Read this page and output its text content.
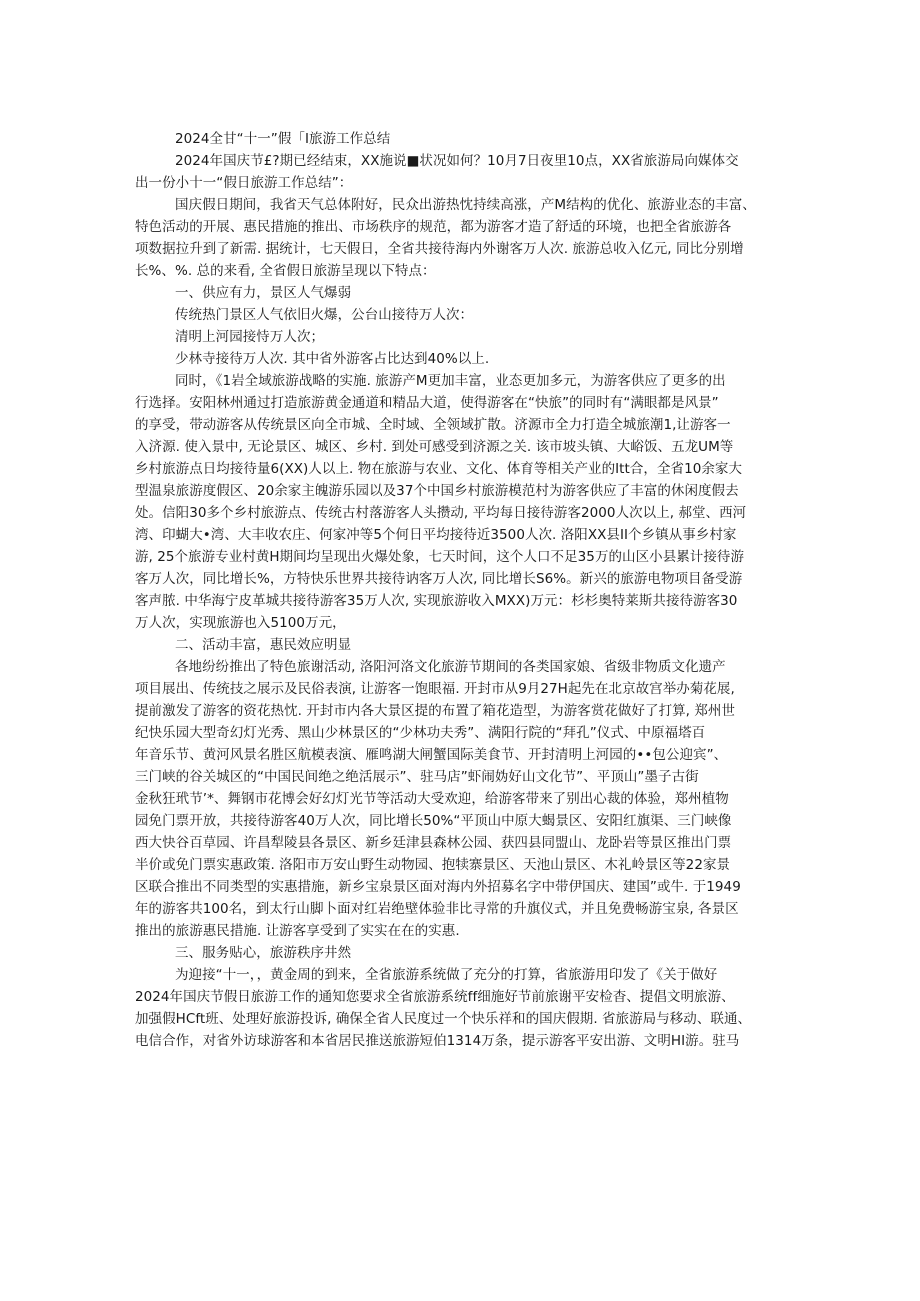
2024全甘“十一”假「I旅游工作总结
2024年国庆节£?期已经结束，XX施说■状况如何？10月7日夜里10点，XX省旅游局向媒体交
出一份小十一“假日旅游工作总结”：
国庆假日期间，我省天气总体附好，民众出游热忱持续高涨，产M结构的优化、旅游业态的丰富、
特色活动的开展、惠民措施的推出、市场秩序的规范，都为游客才造了舒适的环境，也把全省旅游各
项数据拉升到了新需. 据统计，七天假日，全省共接待海内外谢客万人次. 旅游总收入亿元, 同比分别增
长%、%. 总的来看, 全省假日旅游呈现以下特点：
一、供应有力，景区人气爆弱
传统热门景区人气依旧火爆，公台山接待万人次：
清明上河园接恃万人次；
少林寺接待万人次. 其中省外游客占比达到40%以上.
同时，《1岩全域旅游战略的实施. 旅游产M更加丰富，业态更加多元，为游客供应了更多的出
行选择。安阳林州通过打造旅游黄金通道和精品大道，使得游客在“快旅”的同时有“满眼都是风景”
的享受，带动游客从传统景区向全市城、全时域、全领域扩散。济源市全力打造全城旅潮1,让游客一
入济源. 使入景中, 无论景区、城区、乡村. 到处可感受到济源之关. 该市坡头镇、大峪饭、五龙UM等
乡村旅游点日均接待量6(XX)人以上. 物在旅游与农业、文化、体育等相关产业的Itt合，全省10余家大
型温泉旅游度假区、20余家主魄游乐园以及37个中国乡村旅游模范村为游客供应了丰富的休闲度假去
处。信阳30多个乡村旅游点、传统古村落游客人头攒动, 平均每日接待游客2000人次以上, 郝堂、西河
湾、印蝴大•湾、大丰收农庄、何家冲等5个何日平均接待近3500人次. 洛阳XX县II个乡镇从事乡村家
游, 25个旅游专业村黄H期间均呈现出火爆处象，七天时间，这个人口不足35万的山区小县累计接待游
客万人次，同比增长%，方特快乐世界共接待讷客万人次, 同比增长S6%。新兴的旅游电物项目备受游
客声脓. 中华海宁皮革城共接待游客35万人次, 实现旅游收入MXX)万元：杉杉奥特莱斯共接待游客30
万人次，实现旅游也入5100万元，
二、活动丰富，惠民效应明显
各地纷纷推出了特色旅谢活动, 洛阳河洛文化旅游节期间的各类国家娘、省级非物质文化遗产
项目展出、传统技之展示及民俗表演, 让游客一饱眼福. 开封市从9月27H起先在北京故宫举办菊花展,
提前激发了游客的资花热忱. 开封市内各大景区提的布置了箱花造型，为游客赏花做好了打算, 郑州世
纪快乐园大型奇幻灯光秀、黑山少林景区的“少林功夫秀”、满阳行院的“拜孔”仪式、中原福塔百
年音乐节、黄河风景名胜区航模表演、雁鸣湖大闸蟹国际美食节、开封清明上河园的••包公迎宾”、
三门峡的谷关城区的“中国民间绝之绝活展示”、驻马店”虾闹妫好山文化节”、平顶山”墨子古街
金秋狂玳节’*、舞钢市花博会好幻灯光节等活动大受欢迎，给游客带来了别出心裁的体验，郑州植物
园免门票开放，共接待游客40万人次，同比增长50%“平顶山中原大蝎景区、安阳红旗渠、三门峡像
西大快谷百草园、许昌犁陵县各景区、新乡廷津县森林公园、获四县同盟山、龙卧岩等景区推出门票
半价或免门票实惠政策. 洛阳市万安山野生动物园、抱犊寨景区、天池山景区、木礼岭景区等22家景
区联合推出不同类型的实惠措施，新乡宝泉景区面对海内外招募名字中带伊国庆、建国”或牛. 于1949
年的游客共100名，到太行山脚卜面对红岩绝壁体验非比寻常的升旗仪式，并且免费畅游宝泉, 各景区
推出的旅游惠民措施. 让游客享受到了实实在在的实惠.
三、服务贴心，旅游秩序井然
为迎接“十一，，黄金周的到来，全省旅游系统做了充分的打算，省旅游用印发了《关于做好
2024年国庆节假日旅游工作的通知您要求全省旅游系统ff细施好节前旅谢平安检杳、提倡文明旅游、
加强假HCft班、处理好旅游投诉, 确保全省人民度过一个快乐祥和的国庆假期. 省旅游局与移动、联通、
电信合作，对省外访球游客和本省居民推送旅游短伯1314万条，提示游客平安出游、文明HI游。驻马
